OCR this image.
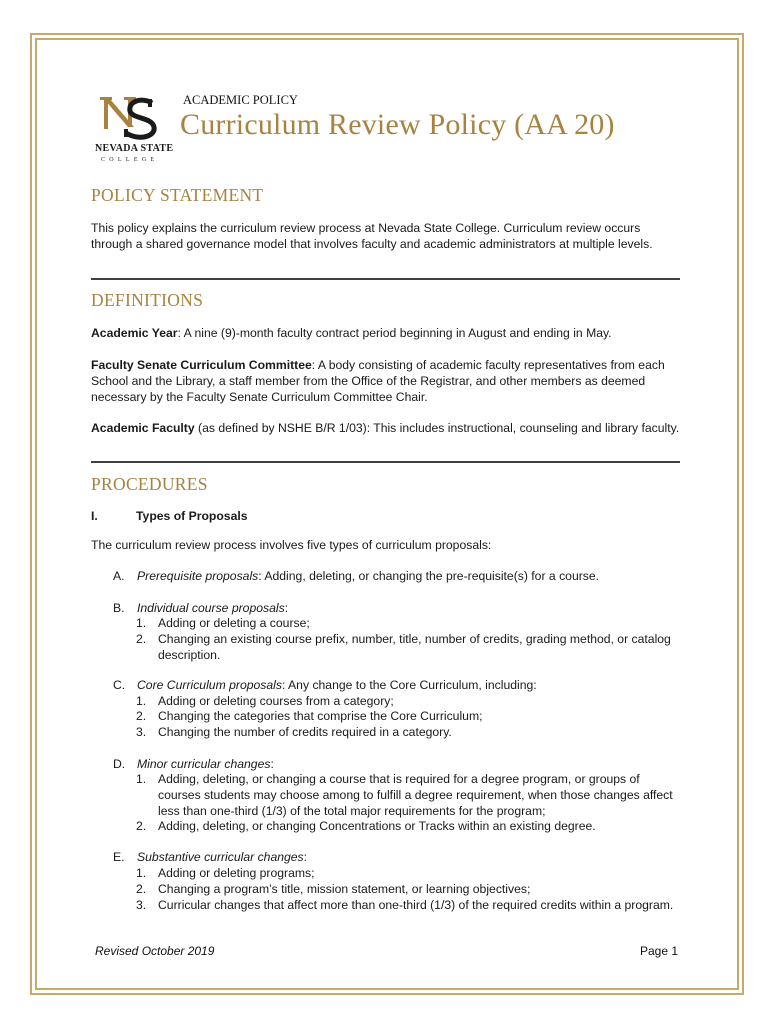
NEVADA STATE
COLLEGE
ACADEMIC POLICY
Curriculum Review Policy (AA 20)
POLICY STATEMENT

This policy explains the curriculum review process at Nevada State College. Curriculum review occurs through a shared governance model that involves faculty and academic administrators at multiple levels.

DEFINITIONS

Academic Year: A nine (9)-month faculty contract period beginning in August and ending in May.

Faculty Senate Curriculum Committee: A body consisting of academic faculty representatives from each School and the Library, a staff member from the Office of the Registrar, and other members as deemed necessary by the Faculty Senate Curriculum Committee Chair.

Academic Faculty (as defined by NSHE B/R 1/03): This includes instructional, counseling and library faculty.

PROCEDURES
I.	Types of Proposals

The curriculum review process involves five types of curriculum proposals:

A. Prerequisite proposals: Adding, deleting, or changing the pre-requisite(s) for a course.
B. Individual course proposals:
1. Adding or deleting a course;
2. Changing an existing course prefix, number, title, number of credits, grading method, or catalog description.
C. Core Curriculum proposals: Any change to the Core Curriculum, including:
1. Adding or deleting courses from a category;
2. Changing the categories that comprise the Core Curriculum;
3. Changing the number of credits required in a category.
D. Minor curricular changes:
1. Adding, deleting, or changing a course that is required for a degree program, or groups of courses students may choose among to fulfill a degree requirement, when those changes affect less than one-third (1/3) of the total major requirements for the program;
2. Adding, deleting, or changing Concentrations or Tracks within an existing degree.
E. Substantive curricular changes:
1. Adding or deleting programs;
2. Changing a program’s title, mission statement, or learning objectives;
3. Curricular changes that affect more than one-third (1/3) of the required credits within a program.
Revised October 2019	Page 1
